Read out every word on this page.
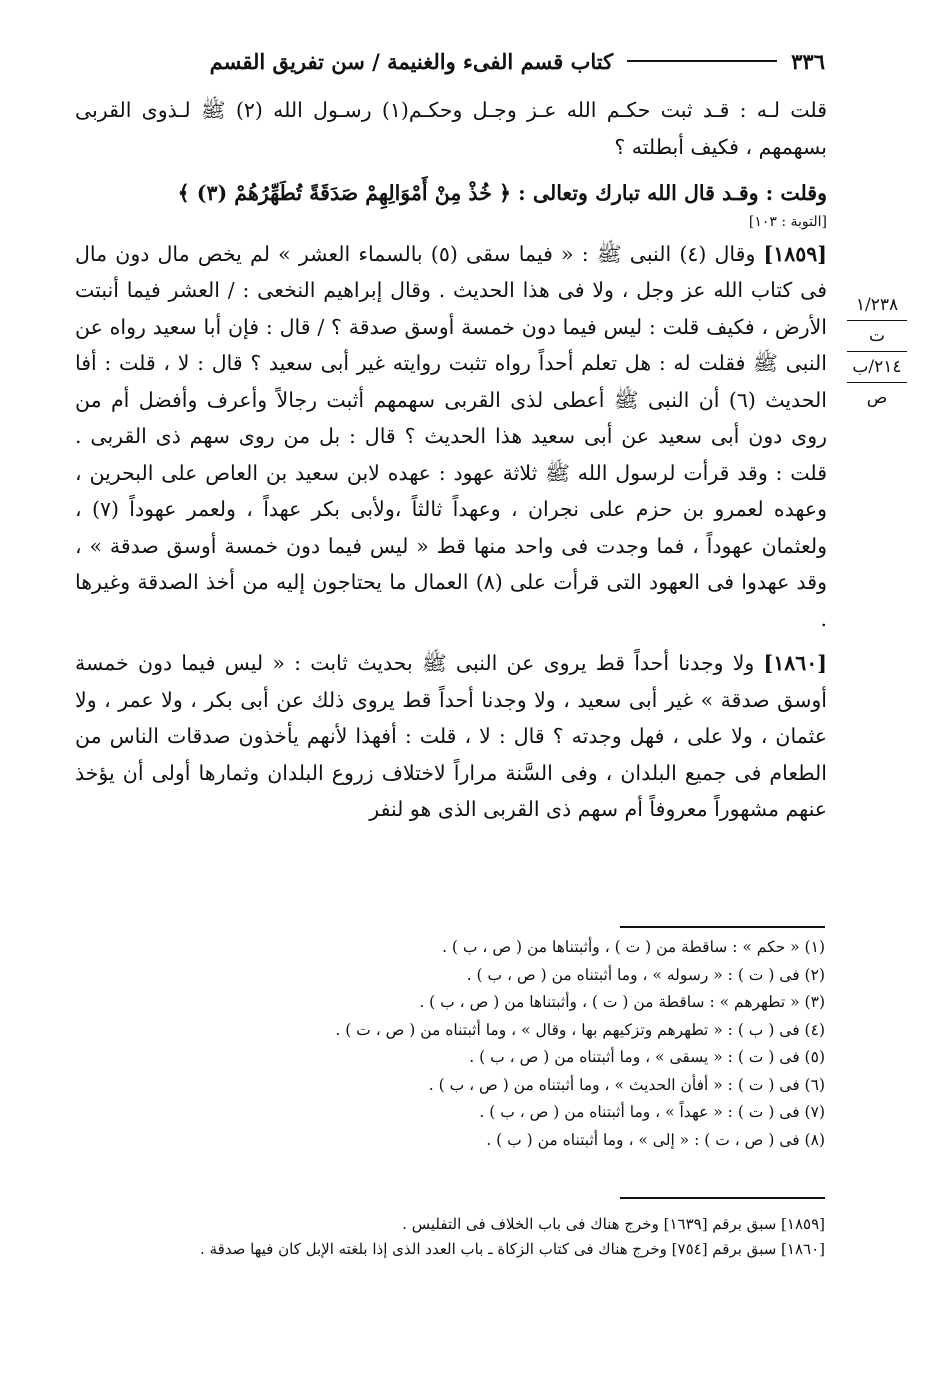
٣٣٦
كتاب قسم الفىء والغنيمة / سن تفريق القسم

قلت لـه : قـد ثبت حكـم الله عـز وجـل وحكـم(١) رسـول الله (٢) ﷺ لـذوى القربى بسهمهم ، فكيف أبطلته ؟

وقلت : وقـد قال الله تبارك وتعالى : ﴿ خُذْ مِنْ أَمْوَالِهِمْ صَدَقَةً تُطَهِّرُهُمْ (٣) ﴾

[التوبة : ١٠٣]

[١٨٥٩] وقال (٤) النبى ﷺ : « فيما سقى (٥) بالسماء العشر » لم يخص مال دون مال فى كتاب الله عز وجل ، ولا فى هذا الحديث . وقال إبراهيم النخعى : / العشر فيما أنبتت الأرض ، فكيف قلت : ليس فيما دون خمسة أوسق صدقة ؟ / قال : فإن أبا سعيد رواه عن النبى ﷺ فقلت له : هل تعلم أحداً رواه تثبت روايته غير أبى سعيد ؟ قال : لا ، قلت : أفا الحديث (٦) أن النبى ﷺ أعطى لذى القربى سهمهم أثبت رجالاً وأعرف وأفضل أم من روى دون أبى سعيد عن أبى سعيد هذا الحديث ؟ قال : بل من روى سهم ذى القربى . قلت : وقد قرأت لرسول الله ﷺ ثلاثة عهود : عهده لابن سعيد بن العاص على البحرين ، وعهده لعمرو بن حزم على نجران ، وعهداً ثالثاً ،ولأبى بكر عهداً ، ولعمر عهوداً (٧) ، ولعثمان عهوداً ، فما وجدت فى واحد منها قط « ليس فيما دون خمسة أوسق صدقة » ، وقد عهدوا فى العهود التى قرأت على (٨) العمال ما يحتاجون إليه من أخذ الصدقة وغيرها .

[١٨٦٠] ولا وجدنا أحداً قط يروى عن النبى ﷺ بحديث ثابت : « ليس فيما دون خمسة أوسق صدقة » غير أبى سعيد ، ولا وجدنا أحداً قط يروى ذلك عن أبى بكر ، ولا عمر ، ولا عثمان ، ولا على ، فهل وجدته ؟ قال : لا ، قلت : أفهذا لأنهم يأخذون صدقات الناس من الطعام فى جميع البلدان ، وفى السَّنة مراراً لاختلاف زروع البلدان وثمارها أولى أن يؤخذ عنهم مشهوراً معروفاً أم سهم ذى القربى الذى هو لنفر

١/٢٣٨
ت
٢١٤/ب
ص
(١) « حكم » : ساقطة من ( ت ) ، وأثبتناها من ( ص ، ب ) .
(٢) فى ( ت ) : « رسوله » ، وما أثبتناه من ( ص ، ب ) .
(٣) « تطهرهم » : ساقطة من ( ت ) ، وأثبتناها من ( ص ، ب ) .
(٤) فى ( ب ) : « تطهرهم وتزكيهم بها ، وقال » ، وما أثبتناه من ( ص ، ت ) .
(٥) فى ( ت ) : « يسقى » ، وما أثبتناه من ( ص ، ب ) .
(٦) فى ( ت ) : « أفأن الحديث » ، وما أثبتناه من ( ص ، ب ) .
(٧) فى ( ت ) : « عهداً » ، وما أثبتناه من ( ص ، ب ) .
(٨) فى ( ص ، ت ) : « إلى » ، وما أثبتناه من ( ب ) .
[١٨٥٩] سبق برقم [١٦٣٩] وخرج هناك فى باب الخلاف فى التفليس .
[١٨٦٠] سبق برقم [٧٥٤] وخرج هناك فى كتاب الزكاة ـ باب العدد الذى إذا بلغته الإبل كان فيها صدقة .
